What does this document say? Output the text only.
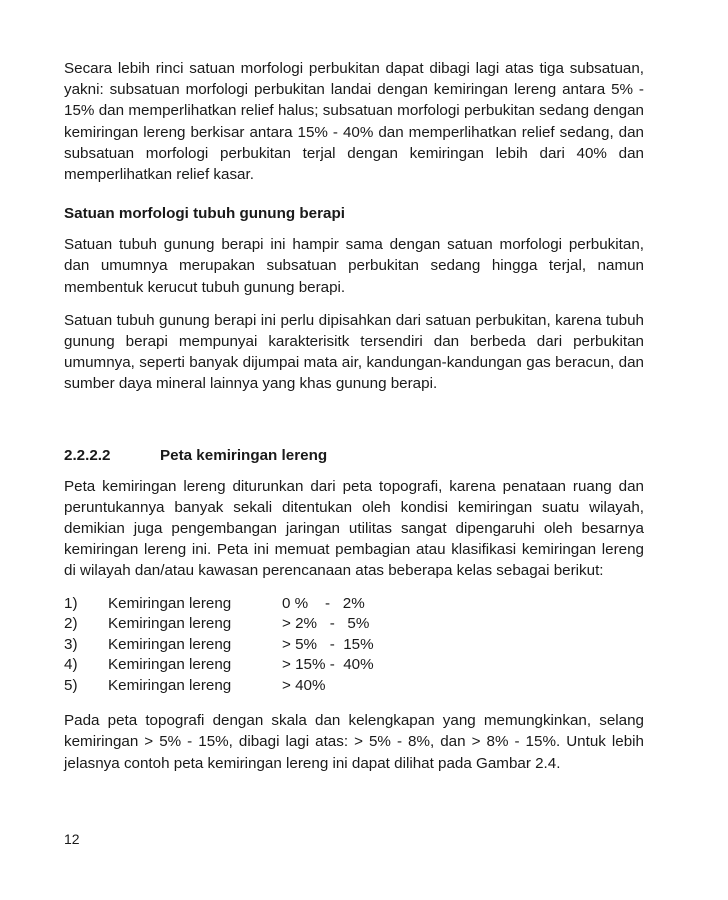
Secara lebih rinci satuan morfologi perbukitan dapat dibagi lagi atas tiga subsatuan, yakni: subsatuan morfologi perbukitan landai dengan kemiringan lereng antara 5% - 15% dan memperlihatkan relief halus; subsatuan morfologi perbukitan sedang dengan kemiringan lereng berkisar antara 15% - 40% dan memperlihatkan relief sedang, dan subsatuan morfologi perbukitan terjal dengan kemiringan lebih dari 40% dan memperlihatkan relief kasar.

Satuan morfologi tubuh gunung berapi

Satuan tubuh gunung berapi ini hampir sama dengan satuan morfologi perbukitan, dan umumnya merupakan subsatuan perbukitan sedang hingga terjal, namun membentuk kerucut tubuh gunung berapi.

Satuan tubuh gunung berapi ini perlu dipisahkan dari satuan perbukitan, karena tubuh gunung berapi mempunyai karakterisitk tersendiri dan berbeda dari perbukitan umumnya, seperti banyak dijumpai mata air, kandungan-kandungan gas beracun, dan sumber daya mineral lainnya yang khas gunung berapi.

2.2.2.2	Peta kemiringan lereng

Peta kemiringan lereng diturunkan dari peta topografi, karena penataan ruang dan peruntukannya banyak sekali ditentukan oleh kondisi kemiringan suatu wilayah, demikian juga pengembangan jaringan utilitas sangat dipengaruhi oleh besarnya kemiringan lereng ini. Peta ini memuat pembagian atau klasifikasi kemiringan lereng di wilayah dan/atau kawasan perencanaan atas beberapa kelas sebagai berikut:

1)	Kemiringan lereng	0 %    -   2%
2)	Kemiringan lereng	> 2%   -   5%
3)	Kemiringan lereng	> 5%   -  15%
4)	Kemiringan lereng	> 15% -  40%
5)	Kemiringan lereng	> 40%

Pada peta topografi dengan skala dan kelengkapan yang memungkinkan, selang kemiringan > 5% - 15%, dibagi lagi atas: > 5% - 8%, dan > 8% - 15%. Untuk lebih jelasnya contoh peta kemiringan lereng ini dapat dilihat pada Gambar 2.4.

12
